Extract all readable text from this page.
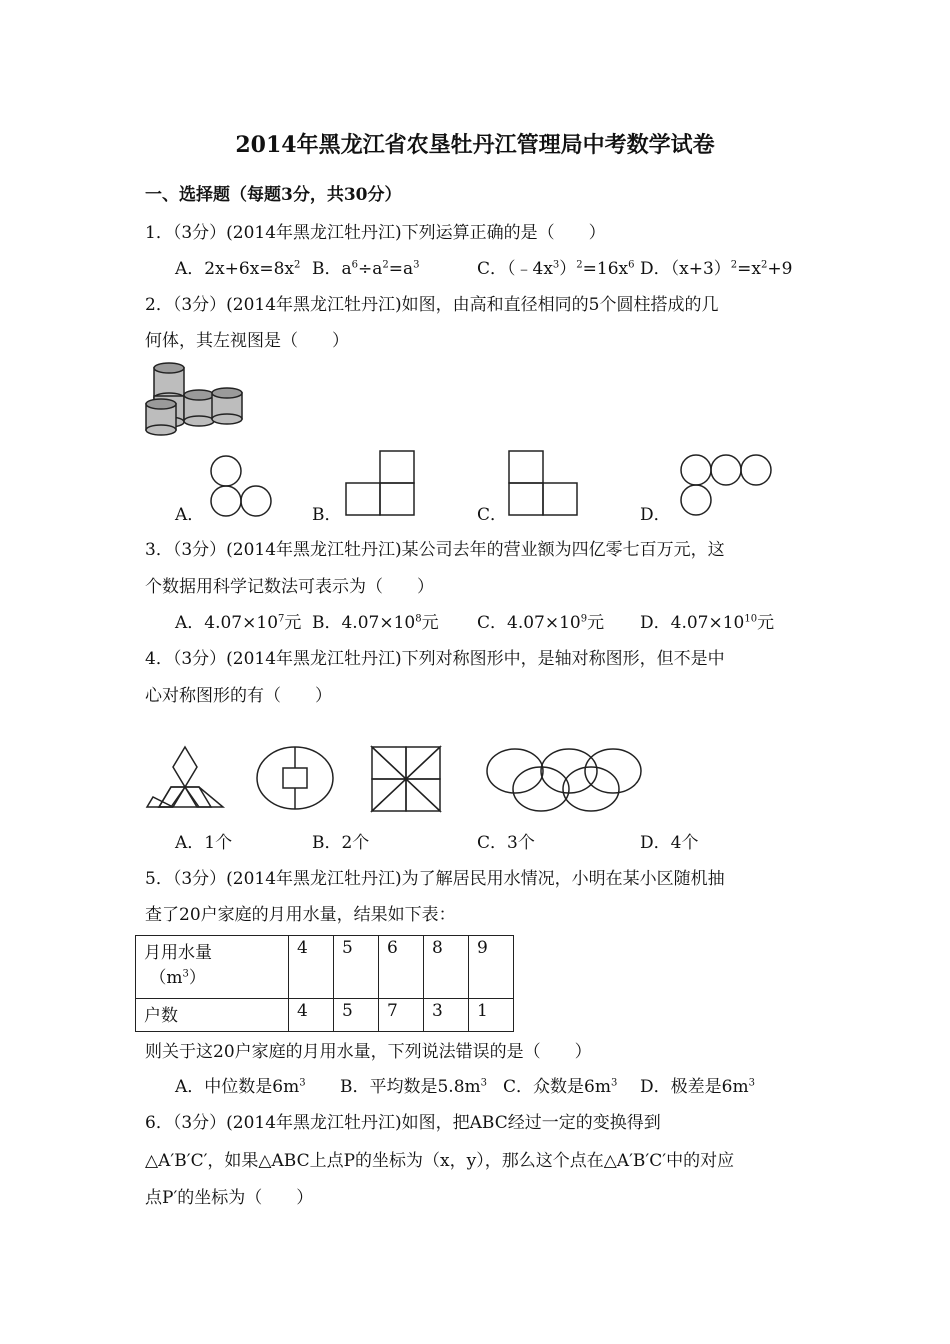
2014年黑龙江省农垦牡丹江管理局中考数学试卷
一、选择题（每题3分，共30分）
1．（3分）(2014年黑龙江牡丹江)下列运算正确的是（　　）
A．$2x+6x=8x^2$ B．$a^6\div a^2=a^3$	C．$(﹣4x^3)^2=16x^6$ D．$(x+3)^2=x^2+9$
2．（3分）(2014年黑龙江牡丹江)如图，由高和直径相同的5个圆柱搭成的几
何体，其左视图是（　　）
A．	B．	C．	D．
3．（3分）(2014年黑龙江牡丹江)某公司去年的营业额为四亿零七百万元，这
个数据用科学记数法可表示为（　　）
A．$4.07\times 10^7$元 B．$4.07\times 10^8$元 C．$4.07\times 10^9$元 D．$4.07\times 10^{10}$元
4．（3分）(2014年黑龙江牡丹江)下列对称图形中，是轴对称图形，但不是中
心对称图形的有（　　）
A．1个	B．2个	C．3个	D．4个
5．（3分）(2014年黑龙江牡丹江)为了解居民用水情况，小明在某小区随机抽
查了20户家庭的月用水量，结果如下表：
月用水量
$(m^3)$	4	5	6	8	9
户数	4	5	7	3	1
则关于这20户家庭的月用水量，下列说法错误的是（　　）
A．中位数是$6m^3$ B．平均数是$5.8m^3$ C．众数是$6m^3$ D．极差是$6m^3$
6．（3分）(2014年黑龙江牡丹江)如图，把ABC经过一定的变换得到
△A′B′C′，如果△ABC上点P的坐标为（x，y），那么这个点在△A′B′C′中的对应
点P′的坐标为（　　）
